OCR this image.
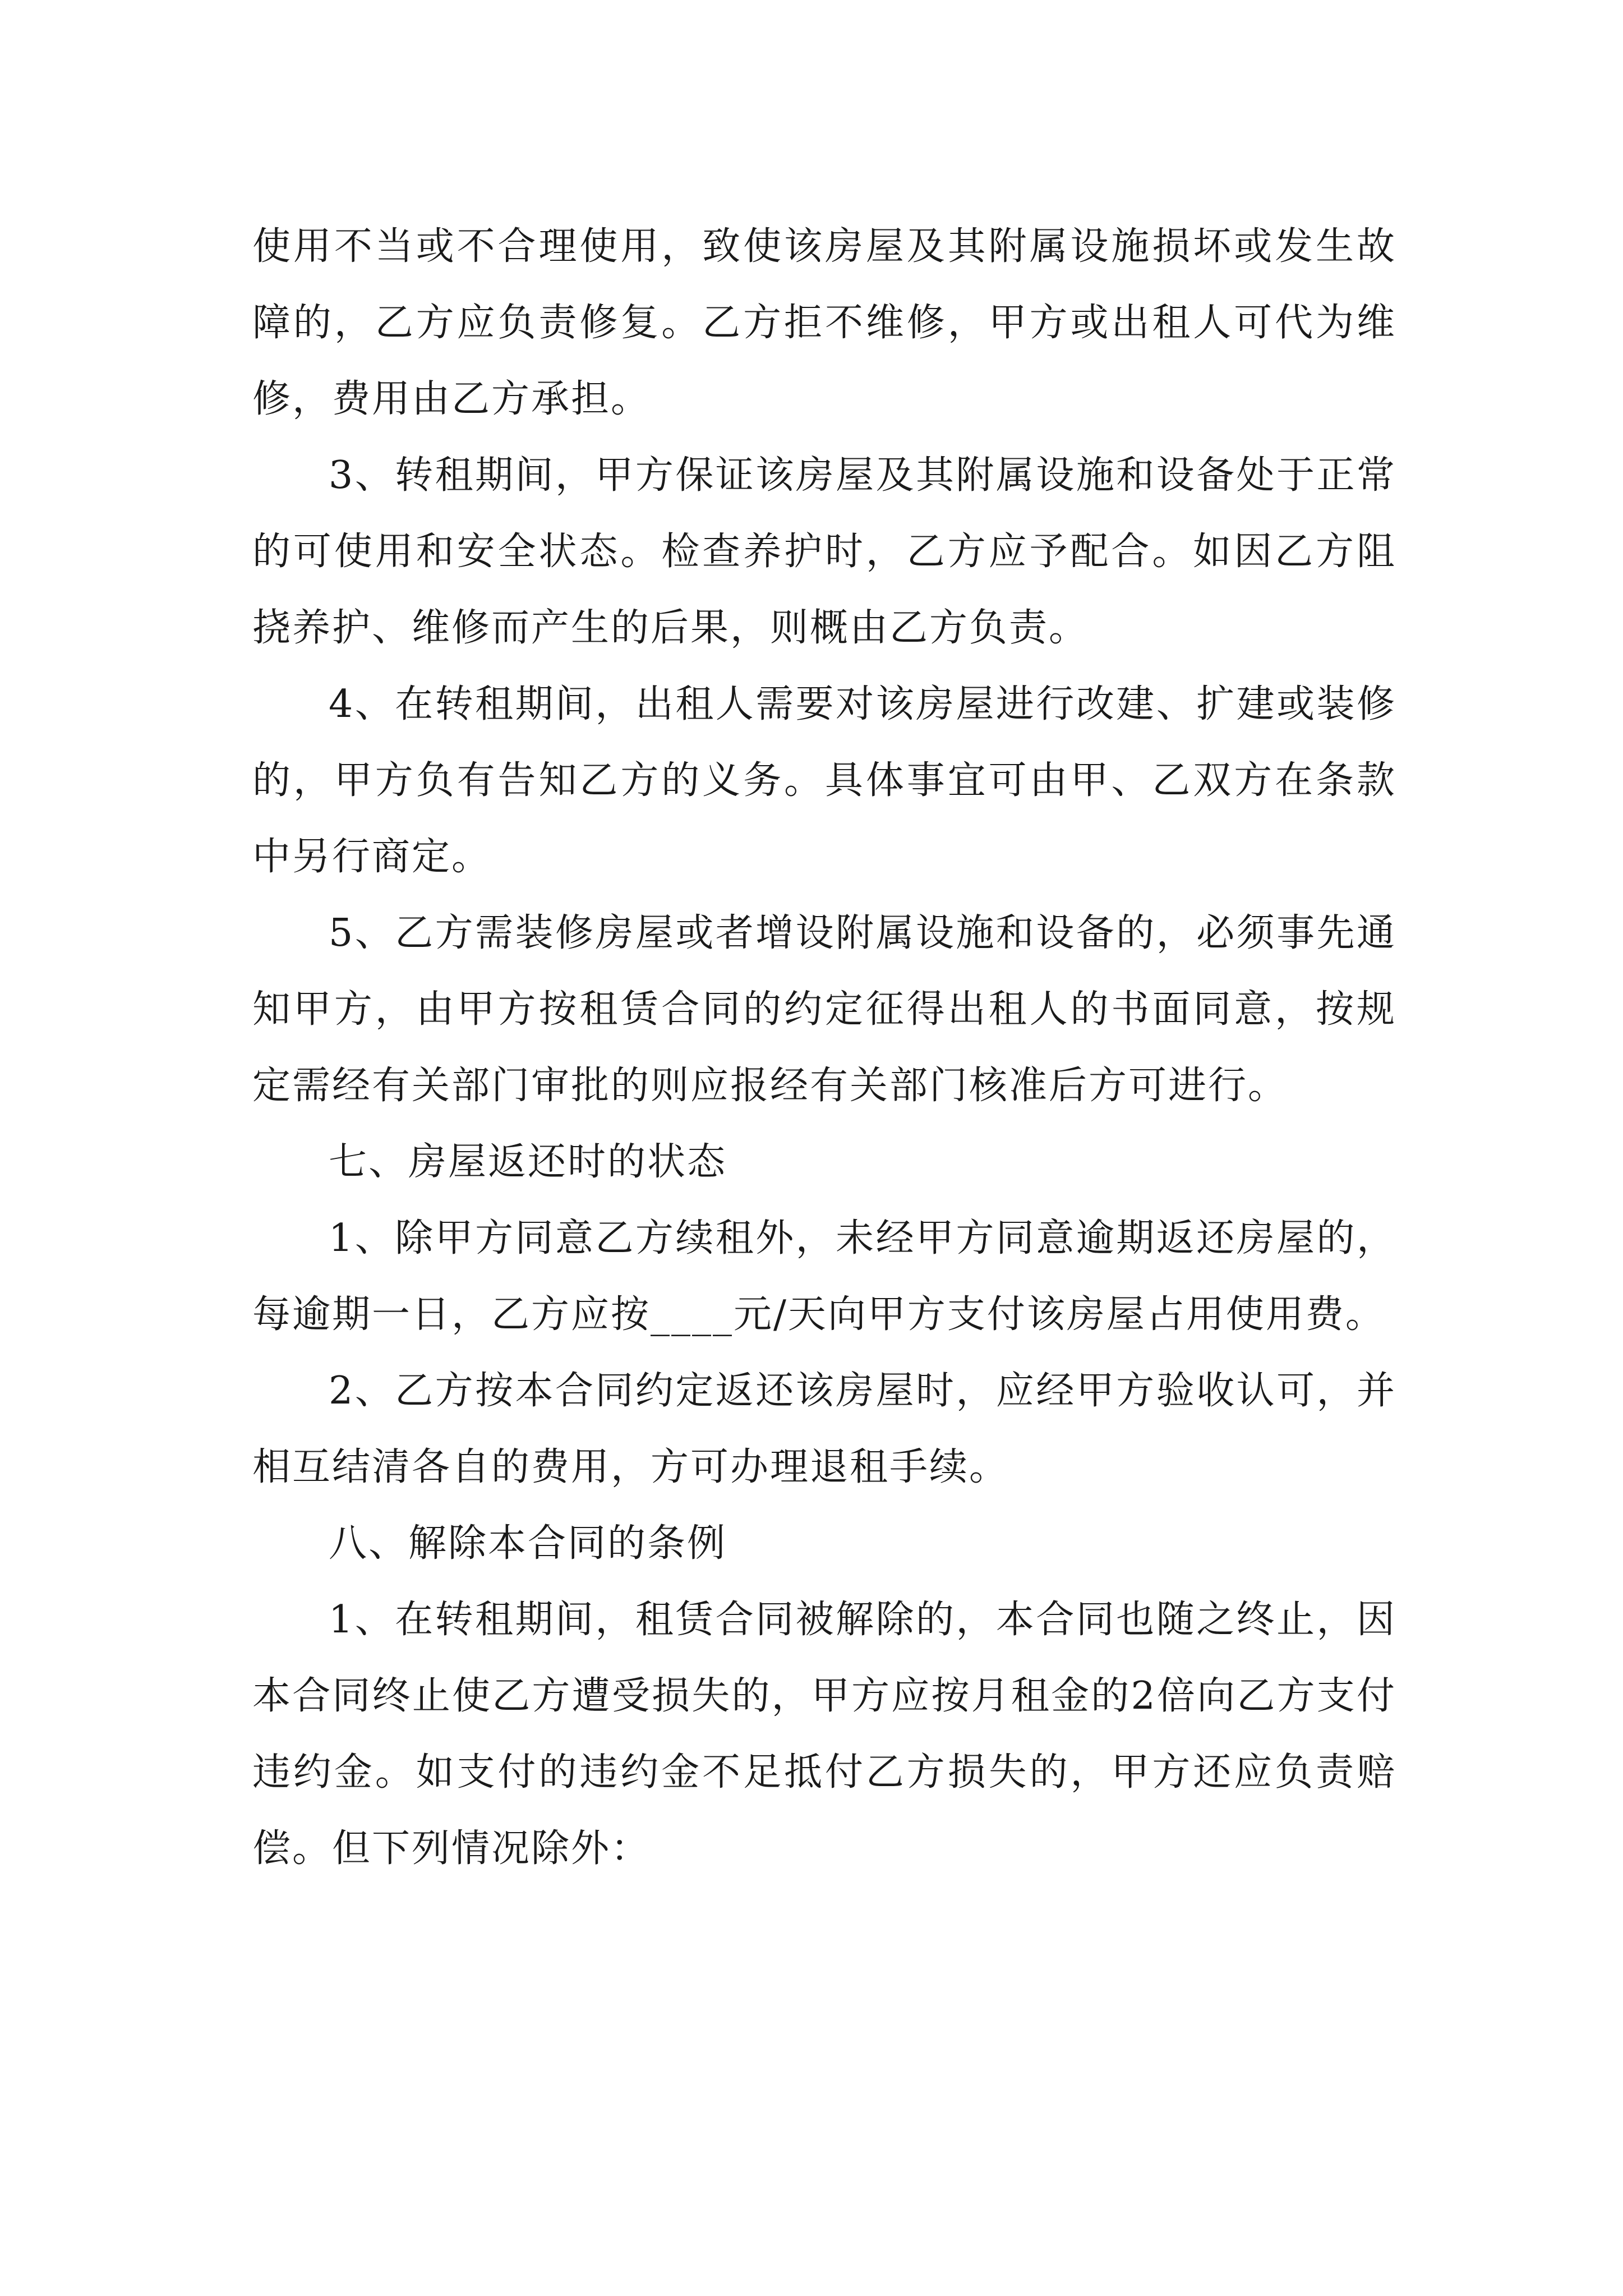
使用不当或不合理使用，致使该房屋及其附属设施损坏或发生故障的，乙方应负责修复。乙方拒不维修，甲方或出租人可代为维修，费用由乙方承担。

3、转租期间，甲方保证该房屋及其附属设施和设备处于正常的可使用和安全状态。检查养护时，乙方应予配合。如因乙方阻挠养护、维修而产生的后果，则概由乙方负责。

4、在转租期间，出租人需要对该房屋进行改建、扩建或装修的，甲方负有告知乙方的义务。具体事宜可由甲、乙双方在条款中另行商定。

5、乙方需装修房屋或者增设附属设施和设备的，必须事先通知甲方，由甲方按租赁合同的约定征得出租人的书面同意，按规定需经有关部门审批的则应报经有关部门核准后方可进行。

七、房屋返还时的状态

1、除甲方同意乙方续租外，未经甲方同意逾期返还房屋的，每逾期一日，乙方应按____元/天向甲方支付该房屋占用使用费。

2、乙方按本合同约定返还该房屋时，应经甲方验收认可，并相互结清各自的费用，方可办理退租手续。

八、解除本合同的条例

1、在转租期间，租赁合同被解除的，本合同也随之终止，因本合同终止使乙方遭受损失的，甲方应按月租金的2倍向乙方支付违约金。如支付的违约金不足抵付乙方损失的，甲方还应负责赔偿。但下列情况除外：
